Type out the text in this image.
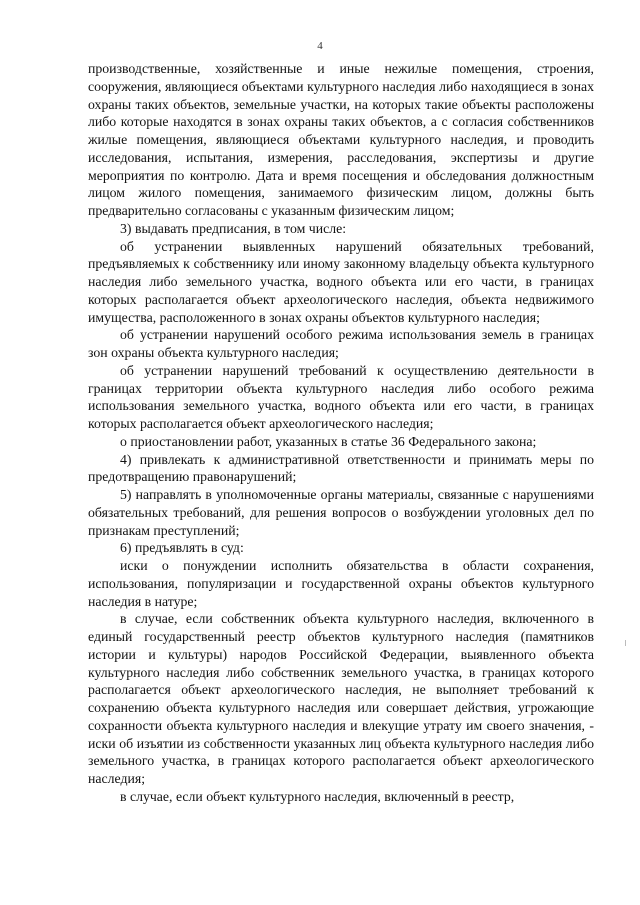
4

производственные, хозяйственные и иные нежилые помещения, строения, сооружения, являющиеся объектами культурного наследия либо находящиеся в зонах охраны таких объектов, земельные участки, на которых такие объекты расположены либо которые находятся в зонах охраны таких объектов, а с согласия собственников жилые помещения, являющиеся объектами культурного наследия, и проводить исследования, испытания, измерения, расследования, экспертизы и другие мероприятия по контролю. Дата и время посещения и обследования должностным лицом жилого помещения, занимаемого физическим лицом, должны быть предварительно согласованы с указанным физическим лицом;

3) выдавать предписания, в том числе:

об устранении выявленных нарушений обязательных требований, предъявляемых к собственнику или иному законному владельцу объекта культурного наследия либо земельного участка, водного объекта или его части, в границах которых располагается объект археологического наследия, объекта недвижимого имущества, расположенного в зонах охраны объектов культурного наследия;

об устранении нарушений особого режима использования земель в границах зон охраны объекта культурного наследия;

об устранении нарушений требований к осуществлению деятельности в границах территории объекта культурного наследия либо особого режима использования земельного участка, водного объекта или его части, в границах которых располагается объект археологического наследия;

о приостановлении работ, указанных в статье 36 Федерального закона;

4) привлекать к административной ответственности и принимать меры по предотвращению правонарушений;

5) направлять в уполномоченные органы материалы, связанные с нарушениями обязательных требований, для решения вопросов о возбуждении уголовных дел по признакам преступлений;

6) предъявлять в суд:

иски о понуждении исполнить обязательства в области сохранения, использования, популяризации и государственной охраны объектов культурного наследия в натуре;

в случае, если собственник объекта культурного наследия, включенного в единый государственный реестр объектов культурного наследия (памятников истории и культуры) народов Российской Федерации, выявленного объекта культурного наследия либо собственник земельного участка, в границах которого располагается объект археологического наследия, не выполняет требований к сохранению объекта культурного наследия или совершает действия, угрожающие сохранности объекта культурного наследия и влекущие утрату им своего значения, - иски об изъятии из собственности указанных лиц объекта культурного наследия либо земельного участка, в границах которого располагается объект археологического наследия;

в случае, если объект культурного наследия, включенный в реестр,
